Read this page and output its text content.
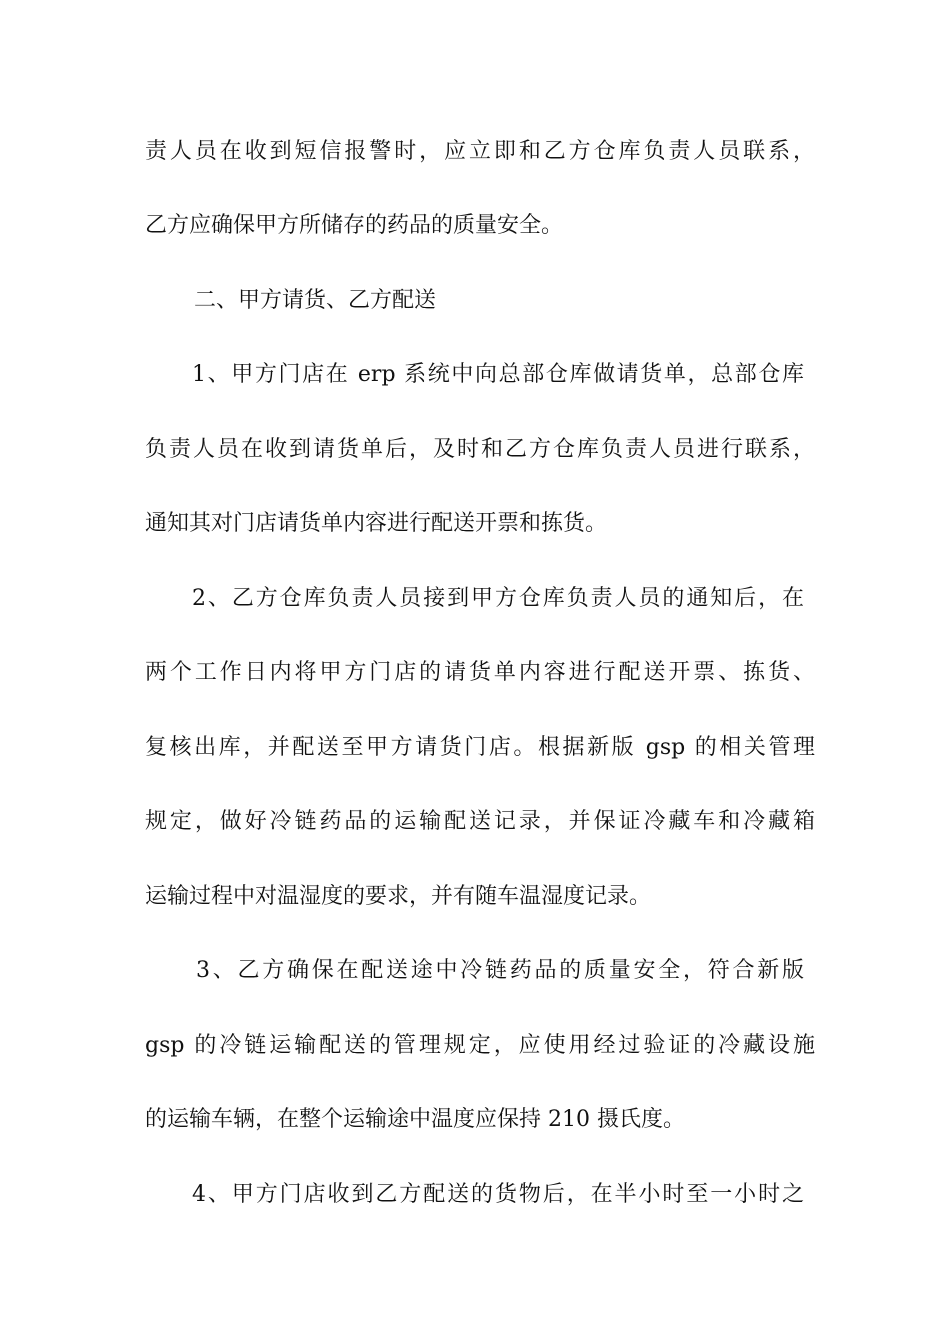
责人员在收到短信报警时，应立即和乙方仓库负责人员联系，
乙方应确保甲方所储存的药品的质量安全。
二、甲方请货、乙方配送
1、甲方门店在 erp 系统中向总部仓库做请货单，总部仓库
负责人员在收到请货单后，及时和乙方仓库负责人员进行联系，
通知其对门店请货单内容进行配送开票和拣货。
2、乙方仓库负责人员接到甲方仓库负责人员的通知后，在
两个工作日内将甲方门店的请货单内容进行配送开票、拣货、
复核出库，并配送至甲方请货门店。根据新版 gsp 的相关管理
规定，做好冷链药品的运输配送记录，并保证冷藏车和冷藏箱
运输过程中对温湿度的要求，并有随车温湿度记录。
3、乙方确保在配送途中冷链药品的质量安全，符合新版
gsp 的冷链运输配送的管理规定，应使用经过验证的冷藏设施
的运输车辆，在整个运输途中温度应保持 210 摄氏度。
4、甲方门店收到乙方配送的货物后，在半小时至一小时之
